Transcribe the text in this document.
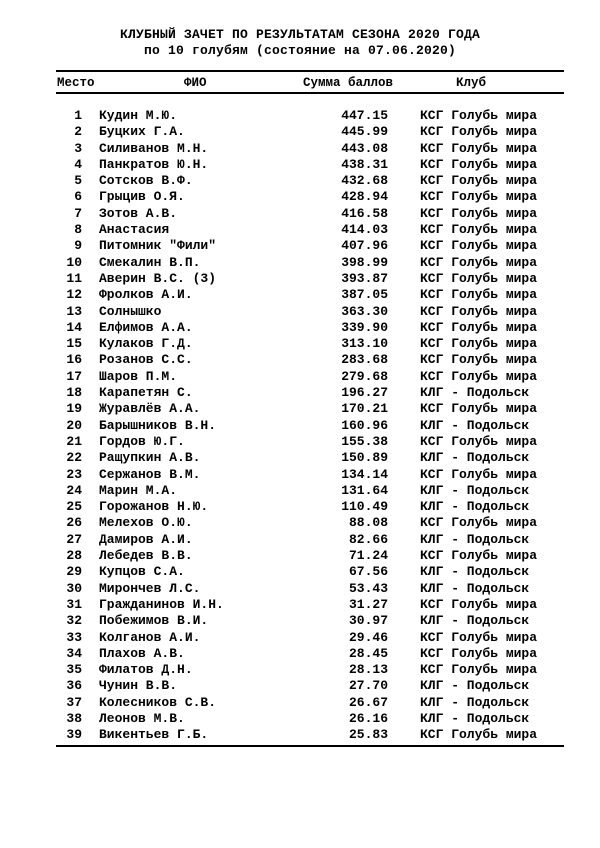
КЛУБНЫЙ ЗАЧЕТ ПО РЕЗУЛЬТАТАМ СЕЗОНА 2020 ГОДА
по 10 голубям (состояние на 07.06.2020)
Место	ФИО	Сумма баллов	Клуб
1 Кудин М.Ю.	447.15 КСГ Голубь мира
2 Буцких Г.А.	445.99 КСГ Голубь мира
3 Силиванов М.Н.	443.08 КСГ Голубь мира
4 Панкратов Ю.Н.	438.31 КСГ Голубь мира
5 Сотсков В.Ф.	432.68 КСГ Голубь мира
6 Грыцив О.Я.	428.94 КСГ Голубь мира
7 Зотов А.В.	416.58 КСГ Голубь мира
8 Анастасия	414.03 КСГ Голубь мира
9 Питомник "Фили"	407.96 КСГ Голубь мира
10 Смекалин В.П.	398.99 КСГ Голубь мира
11 Аверин В.С. (3)	393.87 КСГ Голубь мира
12 Фролков А.И.	387.05 КСГ Голубь мира
13 Солнышко	363.30 КСГ Голубь мира
14 Елфимов А.А.	339.90 КСГ Голубь мира
15 Кулаков Г.Д.	313.10 КСГ Голубь мира
16 Розанов С.С.	283.68 КСГ Голубь мира
17 Шаров П.М.	279.68 КСГ Голубь мира
18 Карапетян С.	196.27 КЛГ - Подольск
19 Журавлёв А.А.	170.21 КСГ Голубь мира
20 Барышников В.Н.	160.96 КЛГ - Подольск
21 Гордов Ю.Г.	155.38 КСГ Голубь мира
22 Ращупкин А.В.	150.89 КЛГ - Подольск
23 Сержанов В.М.	134.14 КСГ Голубь мира
24 Марин М.А.	131.64 КЛГ - Подольск
25 Горожанов Н.Ю.	110.49 КЛГ - Подольск
26 Мелехов О.Ю.	88.08 КСГ Голубь мира
27 Дамиров А.И.	82.66 КЛГ - Подольск
28 Лебедев В.В.	71.24 КСГ Голубь мира
29 Купцов С.А.	67.56 КЛГ - Подольск
30 Мирончев Л.С.	53.43 КЛГ - Подольск
31 Гражданинов И.Н.	31.27 КСГ Голубь мира
32 Побежимов В.И.	30.97 КЛГ - Подольск
33 Колганов А.И.	29.46 КСГ Голубь мира
34 Плахов А.В.	28.45 КСГ Голубь мира
35 Филатов Д.Н.	28.13 КСГ Голубь мира
36 Чунин В.В.	27.70 КЛГ - Подольск
37 Колесников С.В.	26.67 КЛГ - Подольск
38 Леонов М.В.	26.16 КЛГ - Подольск
39 Викентьев Г.Б.	25.83 КСГ Голубь мира
